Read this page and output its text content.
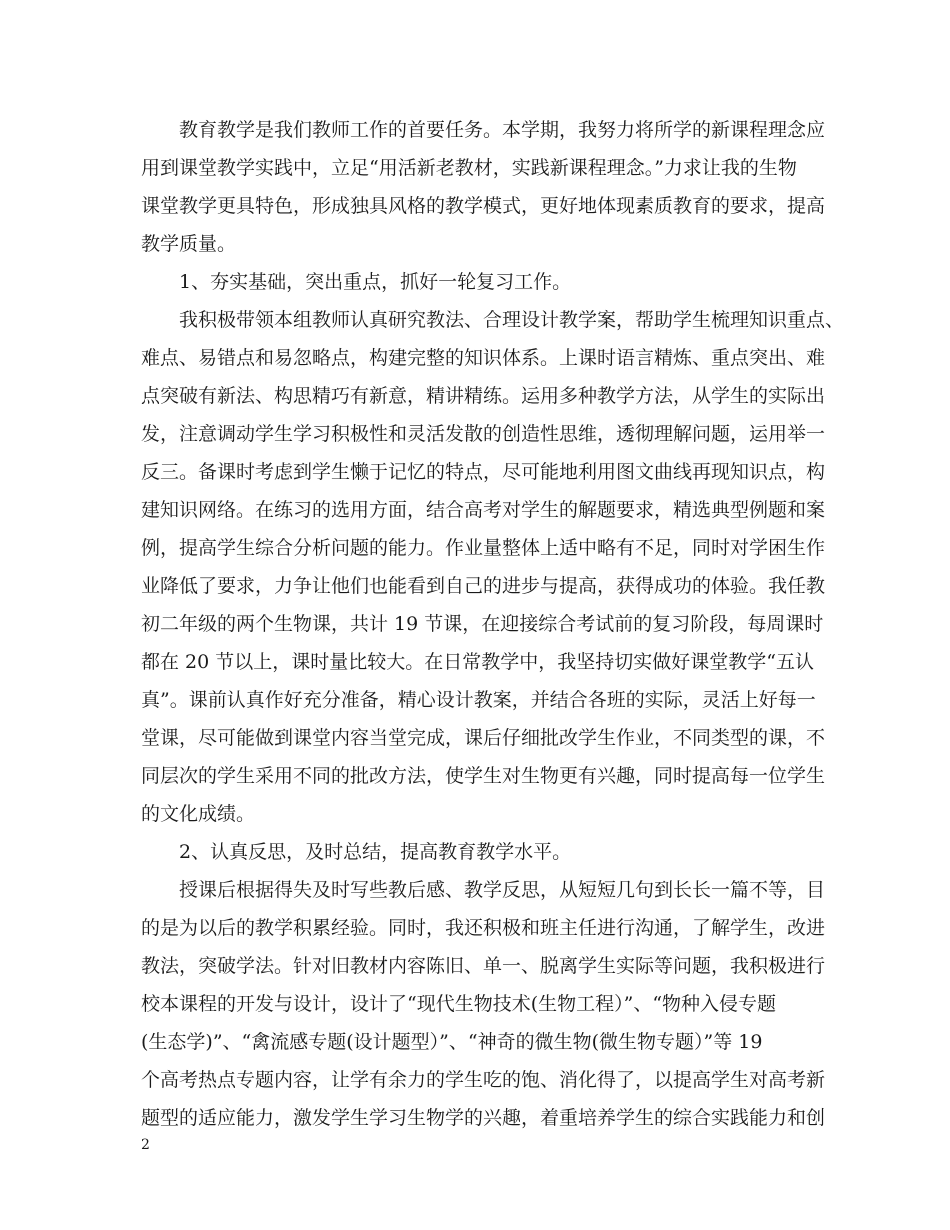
教育教学是我们教师工作的首要任务。本学期，我努力将所学的新课程理念应
用到课堂教学实践中，立足“用活新老教材，实践新课程理念。”力求让我的生物
课堂教学更具特色，形成独具风格的教学模式，更好地体现素质教育的要求，提高
教学质量。
1、夯实基础，突出重点，抓好一轮复习工作。
我积极带领本组教师认真研究教法、合理设计教学案，帮助学生梳理知识重点、
难点、易错点和易忽略点，构建完整的知识体系。上课时语言精炼、重点突出、难
点突破有新法、构思精巧有新意，精讲精练。运用多种教学方法，从学生的实际出
发，注意调动学生学习积极性和灵活发散的创造性思维，透彻理解问题，运用举一
反三。备课时考虑到学生懒于记忆的特点，尽可能地利用图文曲线再现知识点，构
建知识网络。在练习的选用方面，结合高考对学生的解题要求，精选典型例题和案
例，提高学生综合分析问题的能力。作业量整体上适中略有不足，同时对学困生作
业降低了要求，力争让他们也能看到自己的进步与提高，获得成功的体验。我任教
初二年级的两个生物课，共计 19 节课，在迎接综合考试前的复习阶段，每周课时
都在 20 节以上，课时量比较大。在日常教学中，我坚持切实做好课堂教学“五认
真”。课前认真作好充分准备，精心设计教案，并结合各班的实际，灵活上好每一
堂课，尽可能做到课堂内容当堂完成，课后仔细批改学生作业，不同类型的课，不
同层次的学生采用不同的批改方法，使学生对生物更有兴趣，同时提高每一位学生
的文化成绩。
2、认真反思，及时总结，提高教育教学水平。
授课后根据得失及时写些教后感、教学反思，从短短几句到长长一篇不等，目
的是为以后的教学积累经验。同时，我还积极和班主任进行沟通，了解学生，改进
教法，突破学法。针对旧教材内容陈旧、单一、脱离学生实际等问题，我积极进行
校本课程的开发与设计，设计了“现代生物技术(生物工程）”、“物种入侵专题
(生态学)”、“禽流感专题(设计题型）”、“神奇的微生物(微生物专题）”等 19
个高考热点专题内容，让学有余力的学生吃的饱、消化得了，以提高学生对高考新
题型的适应能力，激发学生学习生物学的兴趣，着重培养学生的综合实践能力和创
2
